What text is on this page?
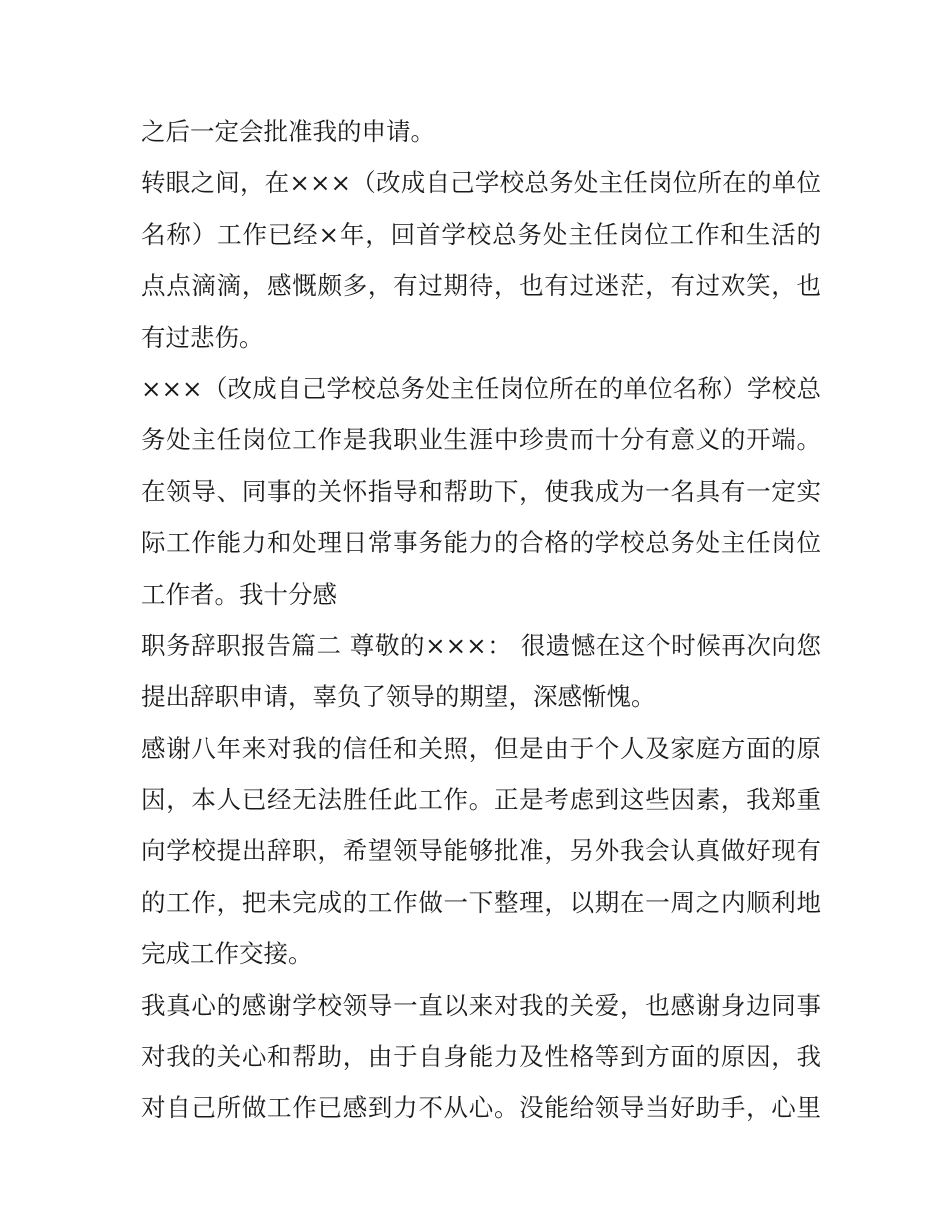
之后一定会批准我的申请。
转眼之间，在×××（改成自己学校总务处主任岗位所在的单位
名称）工作已经×年，回首学校总务处主任岗位工作和生活的
点点滴滴，感慨颇多，有过期待，也有过迷茫，有过欢笑，也
有过悲伤。
×××（改成自己学校总务处主任岗位所在的单位名称）学校总
务处主任岗位工作是我职业生涯中珍贵而十分有意义的开端。
在领导、同事的关怀指导和帮助下，使我成为一名具有一定实
际工作能力和处理日常事务能力的合格的学校总务处主任岗位
工作者。我十分感
职务辞职报告篇二 尊敬的×××： 很遗憾在这个时候再次向您
提出辞职申请，辜负了领导的期望，深感惭愧。
感谢八年来对我的信任和关照，但是由于个人及家庭方面的原
因，本人已经无法胜任此工作。正是考虑到这些因素，我郑重
向学校提出辞职，希望领导能够批准，另外我会认真做好现有
的工作，把未完成的工作做一下整理，以期在一周之内顺利地
完成工作交接。
我真心的感谢学校领导一直以来对我的关爱，也感谢身边同事
对我的关心和帮助，由于自身能力及性格等到方面的原因，我
对自己所做工作已感到力不从心。没能给领导当好助手，心里
